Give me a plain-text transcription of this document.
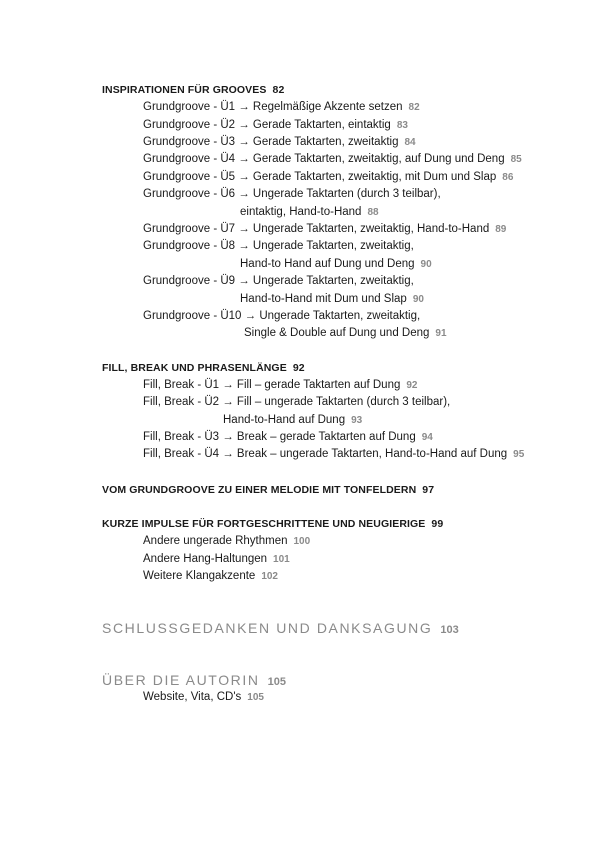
INSPIRATIONEN FÜR GROOVES 82
Grundgroove - Ü1 → Regelmäßige Akzente setzen 82
Grundgroove - Ü2 → Gerade Taktarten, eintaktig 83
Grundgroove - Ü3 → Gerade Taktarten, zweitaktig 84
Grundgroove - Ü4 → Gerade Taktarten, zweitaktig, auf Dung und Deng 85
Grundgroove - Ü5 → Gerade Taktarten, zweitaktig, mit Dum und Slap 86
Grundgroove - Ü6 → Ungerade Taktarten (durch 3 teilbar),
eintaktig, Hand-to-Hand 88
Grundgroove - Ü7 → Ungerade Taktarten, zweitaktig, Hand-to-Hand 89
Grundgroove - Ü8 → Ungerade Taktarten, zweitaktig,
Hand-to Hand auf Dung und Deng 90
Grundgroove - Ü9 → Ungerade Taktarten, zweitaktig,
Hand-to-Hand mit Dum und Slap 90
Grundgroove - Ü10 → Ungerade Taktarten, zweitaktig,
Single & Double auf Dung und Deng 91
FILL, BREAK UND PHRASENLÄNGE 92
Fill, Break - Ü1 → Fill – gerade Taktarten auf Dung 92
Fill, Break - Ü2 → Fill – ungerade Taktarten (durch 3 teilbar),
Hand-to-Hand auf Dung 93
Fill, Break - Ü3 → Break – gerade Taktarten auf Dung 94
Fill, Break - Ü4 → Break – ungerade Taktarten, Hand-to-Hand auf Dung 95
VOM GRUNDGROOVE ZU EINER MELODIE MIT TONFELDERN 97
KURZE IMPULSE FÜR FORTGESCHRITTENE UND NEUGIERIGE 99
Andere ungerade Rhythmen 100
Andere Hang-Haltungen 101
Weitere Klangakzente 102
SCHLUSSGEDANKEN UND DANKSAGUNG 103
ÜBER DIE AUTORIN 105
Website, Vita, CD's 105
